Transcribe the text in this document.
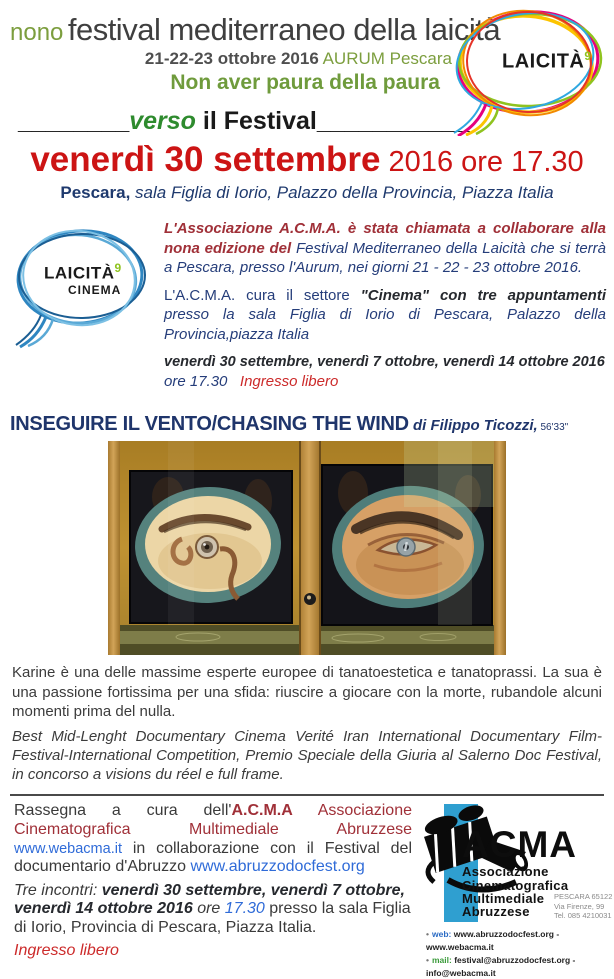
nono festival mediterraneo della laicità
21-22-23 ottobre 2016 AURUM Pescara
Non aver paura della paura
LAICITÀ$^9$
________verso il Festival___________
venerdì 30 settembre 2016 ore 17.30
Pescara, sala Figlia di Iorio, Palazzo della Provincia, Piazza Italia
LAICITÀ$^9$
CINEMA

L'Associazione A.C.M.A. è stata chiamata a collaborare alla nona edizione del Festival Mediterraneo della Laicità che si terrà a Pescara, presso l'Aurum, nei giorni 21 - 22 - 23 ottobre 2016.

L'A.C.M.A. cura il settore "Cinema" con tre appuntamenti presso la sala Figlia di Iorio di Pescara, Palazzo della Provincia,piazza Italia

venerdì 30 settembre, venerdì 7 ottobre, venerdì 14 ottobre 2016
ore 17.30 Ingresso libero

INSEGUIRE IL VENTO/CHASING THE WIND di Filippo Ticozzi, 56'33"

Karine è una delle massime esperte europee di tanatoestetica e tanatoprassi. La sua è una passione fortissima per una sfida: riuscire a giocare con la morte, rubandole alcuni momenti prima del nulla.

Best Mid-Lenght Documentary Cinema Verité Iran International Documentary Film-Festival-International Competition, Premio Speciale della Giuria al Salerno Doc Festival, in concorso a visions du réel e full frame.

Rassegna a cura dell'A.C.M.A Associazione Cinematografica Multimediale Abruzzese www.webacma.it in collaborazione con il Festival del documentario d'Abruzzo www.abruzzodocfest.org

Tre incontri: venerdì 30 settembre, venerdì 7 ottobre, venerdì 14 ottobre 2016 ore 17.30 presso la sala Figlia di Iorio, Provincia di Pescara, Piazza Italia.

Ingresso libero

ACMA
Associazione
Cinematografica
Multimediale
Abruzzese
PESCARA 65122
Via Firenze, 99
Tel. 085 4210031
• web: www.abruzzodocfest.org - www.webacma.it
• mail: festival@abruzzodocfest.org - info@webacma.it
